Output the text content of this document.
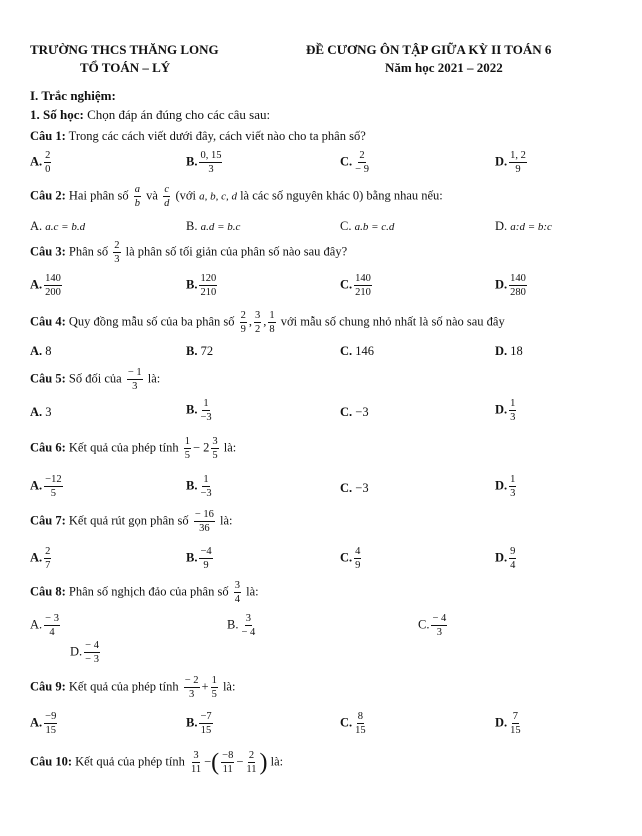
TRƯỜNG THCS THĂNG LONG
TỔ TOÁN – LÝ
ĐỀ CƯƠNG ÔN TẬP GIỮA KỲ II TOÁN 6
Năm học 2021 – 2022
I. Trắc nghiệm:
1. Số học: Chọn đáp án đúng cho các câu sau:
Câu 1: Trong các cách viết dưới đây, cách viết nào cho ta phân số?
A. $\frac{2}{0}$	B. $\frac{0, 15}{3}$	C. $\frac{2}{- 9}$	D. $\frac{1, 2}{9}$
Câu 2: Hai phân số $\frac{a}{b}$ và $\frac{c}{d}$ (với a, b, c, d là các số nguyên khác 0) bằng nhau nếu:
A. a.c = b.d	B. a.d = b.c	C. a.b = c.d	D. a:d = b:c
Câu 3: Phân số $\frac{2}{3}$ là phân số tối giản của phân số nào sau đây?
A. $\frac{140}{200}$	B. $\frac{120}{210}$	C. $\frac{140}{210}$	D. $\frac{140}{280}$
Câu 4: Quy đồng mẫu số của ba phân số $\frac{2}{9}$ , $\frac{3}{2}$ , $\frac{1}{8}$ với mẫu số chung nhỏ nhất là số nào sau đây
A. 8	B. 72	C. 146	D. 18
Câu 5: Số đối của $\frac{- 1}{3}$ là:
A. 3	B. $\frac{1}{-3}$	C. −3	D. $\frac{1}{3}$
Câu 6: Kết quả của phép tính $\frac{1}{5} - 2 \frac{3}{5}$ là:
A. $\frac{-12}{5}$	B. $\frac{1}{-3}$	C. −3	D. $\frac{1}{3}$
Câu 7: Kết quả rút gọn phân số $\frac{- 16}{36}$ là:
A. $\frac{2}{7}$	B. $\frac{-4}{9}$	C. $\frac{4}{9}$	D. $\frac{9}{4}$
Câu 8: Phân số nghịch đảo của phân số $\frac{3}{4}$ là:
A. $\frac{- 3}{4}$	B. $\frac{3}{- 4}$	C. $\frac{- 4}{3}$
D. $\frac{- 4}{- 3}$
Câu 9: Kết quả của phép tính $\frac{- 2}{3} + \frac{1}{5}$ là:
A. $\frac{-9}{15}$	B. $\frac{-7}{15}$	C. $\frac{8}{15}$	D. $\frac{7}{15}$
Câu 10: Kết quả của phép tính $\frac{3}{11}$ −( $\frac{-8}{11} - \frac{2}{11}$ ) là:
